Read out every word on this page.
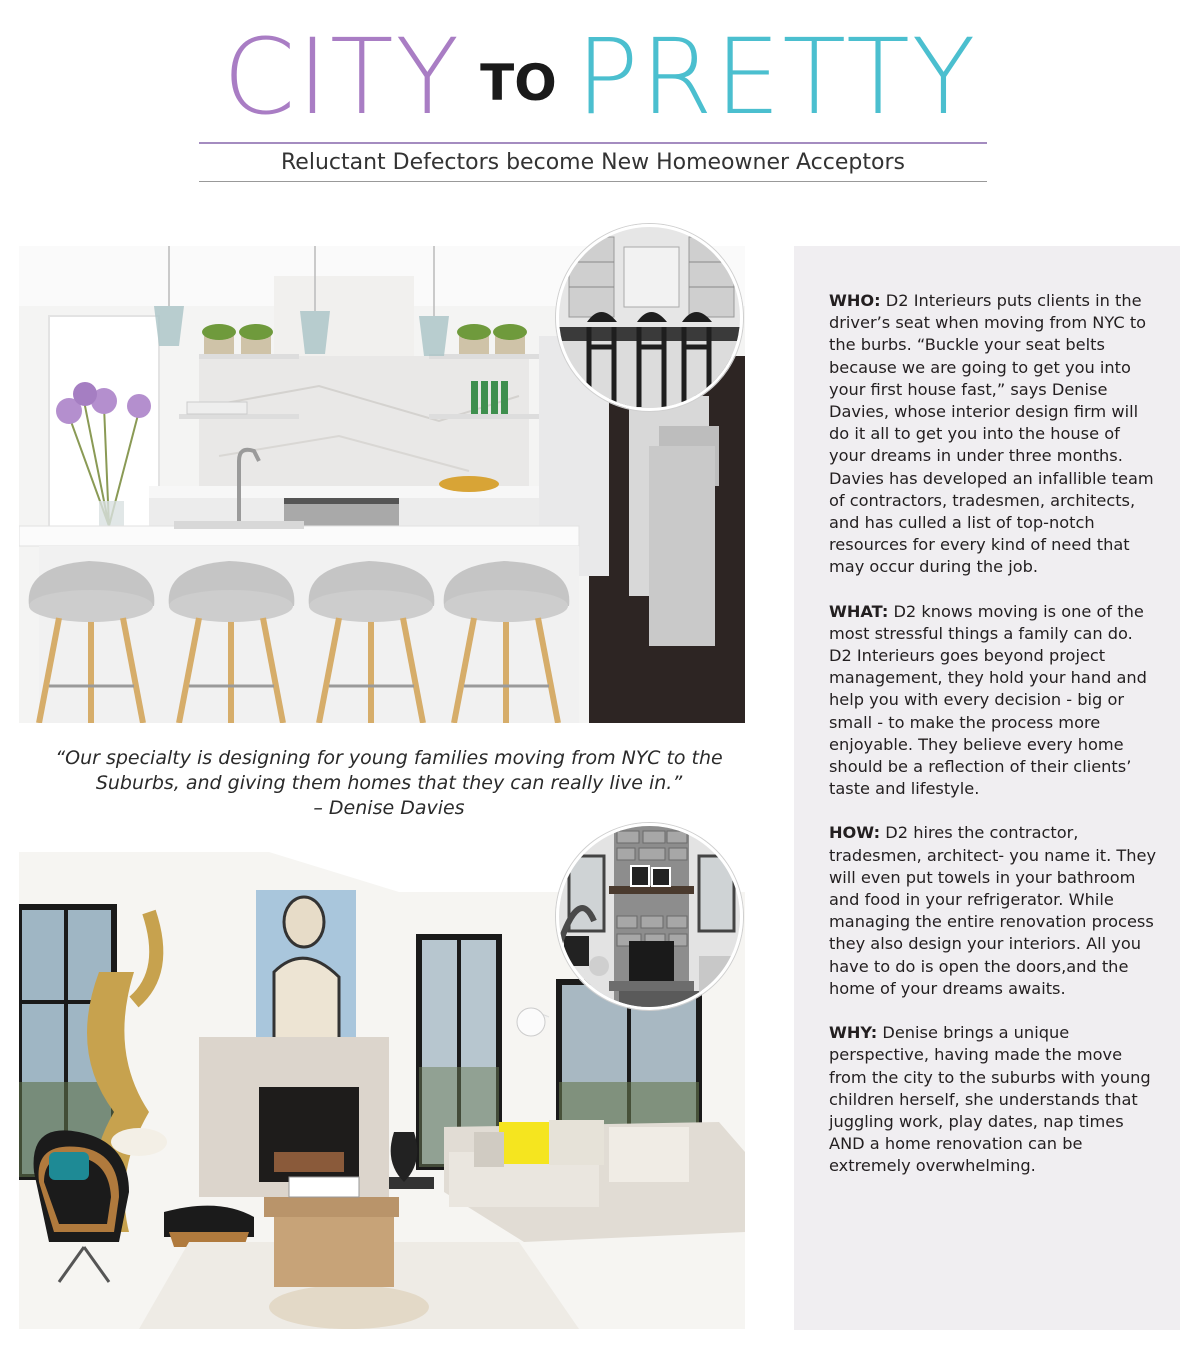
CITY TO PRETTY
Reluctant Defectors become New Homeowner Acceptors
“Our specialty is designing for young families moving from NYC to the Suburbs, and giving them homes that they can really live in.”
– Denise Davies

WHO: D2 Interieurs puts clients in the driver’s seat when moving from NYC to the burbs. “Buckle your seat belts because we are going to get you into your first house fast,” says Denise Davies, whose interior design firm will do it all to get you into the house of your dreams in under three months. Davies has developed an infallible team of contractors, tradesmen, architects, and has culled a list of top-notch resources for every kind of need that may occur during the job.

WHAT: D2 knows moving is one of the most stressful things a family can do. D2 Interieurs goes beyond project management, they hold your hand and help you with every decision - big or small - to make the process more enjoyable. They believe every home should be a reflection of their clients’ taste and lifestyle.

HOW: D2 hires the contractor, tradesmen, architect- you name it. They will even put towels in your bathroom and food in your refrigerator. While managing the entire renovation process they also design your interiors. All you have to do is open the doors,and the home of your dreams awaits.

WHY: Denise brings a unique perspective, having made the move from the city to the suburbs with young children herself, she understands that juggling work, play dates, nap times AND a home renovation can be extremely overwhelming.
